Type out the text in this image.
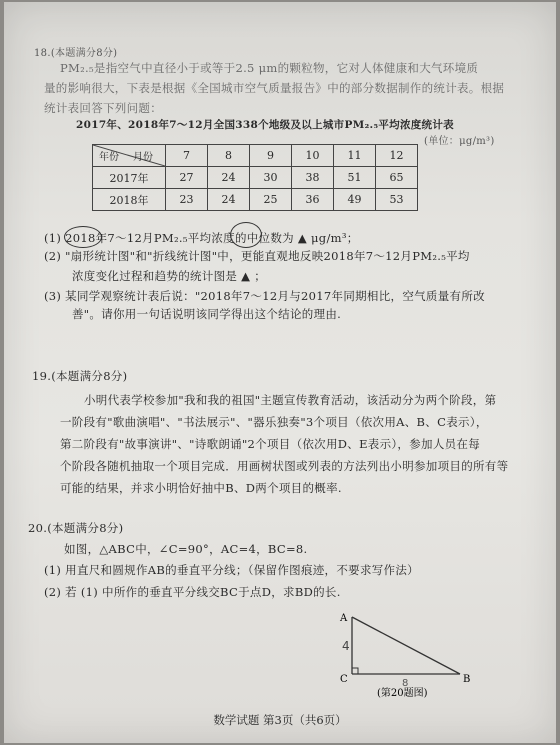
18.(本题满分8分)
PM₂.₅是指空气中直径小于或等于2.5 μm的颗粒物，它对人体健康和大气环境质
量的影响很大，下表是根据《全国城市空气质量报告》中的部分数据制作的统计表。根据
统计表回答下列问题：
2017年、2018年7～12月全国338个地级及以上城市PM₂.₅平均浓度统计表
(单位：μg/m³)
月份
年份	7	8	9	10	11	12
2017年	27	24	30	38	51	65
2018年	23	24	25	36	49	53
(1) 2018年7～12月PM₂.₅平均浓度的中位数为 ▲ μg/m³；
(2) "扇形统计图"和"折线统计图"中，更能直观地反映2018年7～12月PM₂.₅平均
浓度变化过程和趋势的统计图是 ▲ ；
(3) 某同学观察统计表后说："2018年7～12月与2017年同期相比，空气质量有所改
善"。请你用一句话说明该同学得出这个结论的理由.
19.(本题满分8分)
小明代表学校参加"我和我的祖国"主题宣传教育活动，该活动分为两个阶段，第
一阶段有"歌曲演唱"、"书法展示"、"器乐独奏"3个项目（依次用A、B、C表示），
第二阶段有"故事演讲"、"诗歌朗诵"2个项目（依次用D、E表示），参加人员在每
个阶段各随机抽取一个项目完成．用画树状图或列表的方法列出小明参加项目的所有等
可能的结果，并求小明恰好抽中B、D两个项目的概率.
20.(本题满分8分)
如图，△ABC中，∠C=90°，AC=4，BC=8.
(1) 用直尺和圆规作AB的垂直平分线；（保留作图痕迹，不要求写作法）
(2) 若 (1) 中所作的垂直平分线交BC于点D，求BD的长.
A
C	B
4
8
(第20题图)
数学试题 第3页（共6页）
